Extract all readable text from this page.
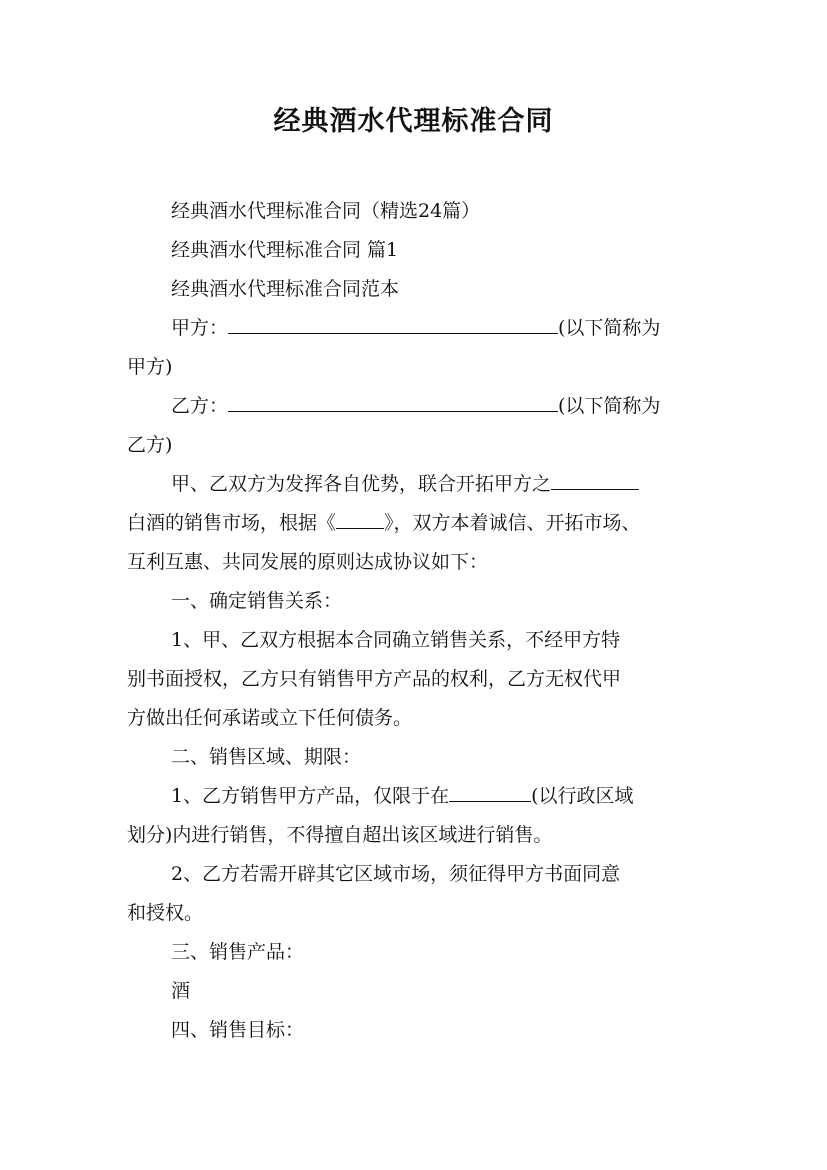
经典酒水代理标准合同
经典酒水代理标准合同（精选24篇）
经典酒水代理标准合同 篇1
经典酒水代理标准合同范本
甲方：	(以下简称为
甲方)
乙方：	(以下简称为
乙方)
甲、乙双方为发挥各自优势，联合开拓甲方之
白酒的销售市场，根据《	》，双方本着诚信、开拓市场、
互利互惠、共同发展的原则达成协议如下：
一、确定销售关系：
1、甲、乙双方根据本合同确立销售关系，不经甲方特
别书面授权，乙方只有销售甲方产品的权利，乙方无权代甲
方做出任何承诺或立下任何债务。
二、销售区域、期限：
1、乙方销售甲方产品，仅限于在	(以行政区域
划分)内进行销售，不得擅自超出该区域进行销售。
2、乙方若需开辟其它区域市场，须征得甲方书面同意
和授权。
三、销售产品：
酒
四、销售目标：
